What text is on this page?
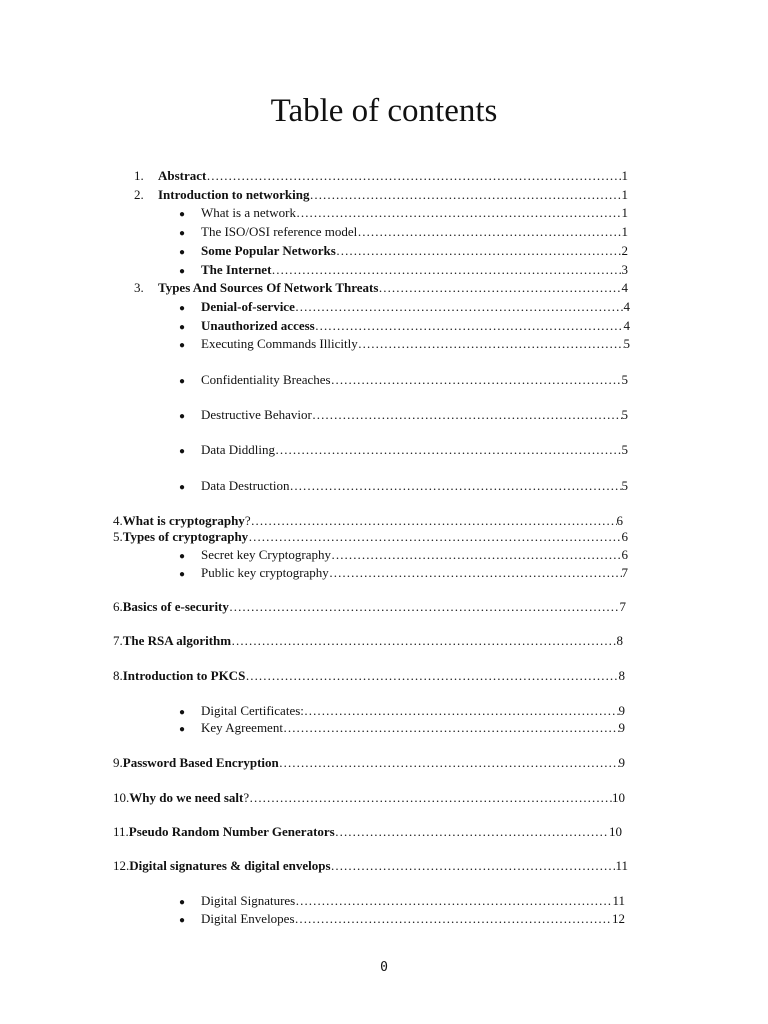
Table of contents
1.	Abstract ……………………………………………………………………………………………………………………………………………………………………	1
2.	Introduction to networking ……………………………………………………………………………………………………………………………………………………………………	1
●	What is a network ……………………………………………………………………………………………………………………………………………………………………	1
●	The ISO/OSI reference model ……………………………………………………………………………………………………………………………………………………………………	1
●	Some Popular Networks ……………………………………………………………………………………………………………………………………………………………………	2
●	The Internet ……………………………………………………………………………………………………………………………………………………………………	3
3.	Types And Sources Of Network Threats ……………………………………………………………………………………………………………………………………………………………………	4
●	Denial-of-service ……………………………………………………………………………………………………………………………………………………………………	4
●	Unauthorized access ……………………………………………………………………………………………………………………………………………………………………	4
●	Executing Commands Illicitly ……………………………………………………………………………………………………………………………………………………………………	5
●	Confidentiality Breaches ……………………………………………………………………………………………………………………………………………………………………	5
●	Destructive Behavior ……………………………………………………………………………………………………………………………………………………………………	5
●	Data Diddling ……………………………………………………………………………………………………………………………………………………………………	5
●	Data Destruction ……………………………………………………………………………………………………………………………………………………………………	5
4. What is cryptography ? ……………………………………………………………………………………………………………………………………………………………………	6
5. Types of cryptography ……………………………………………………………………………………………………………………………………………………………………	6
●	Secret key Cryptography ……………………………………………………………………………………………………………………………………………………………………	6
●	Public key cryptography ……………………………………………………………………………………………………………………………………………………………………	7
6. Basics of e-security ……………………………………………………………………………………………………………………………………………………………………	7
7. The RSA algorithm ……………………………………………………………………………………………………………………………………………………………………	8
8. Introduction to PKCS ……………………………………………………………………………………………………………………………………………………………………	8
●	Digital Certificates: ……………………………………………………………………………………………………………………………………………………………………	9
●	Key Agreement ……………………………………………………………………………………………………………………………………………………………………	9
9. Password Based Encryption ……………………………………………………………………………………………………………………………………………………………………	9
10. Why do we need salt ? ……………………………………………………………………………………………………………………………………………………………………	10
11. Pseudo Random Number Generators ……………………………………………………………………………………………………………………………………………………………………	10
12. Digital signatures & digital envelops ……………………………………………………………………………………………………………………………………………………………………	11
●	Digital Signatures ……………………………………………………………………………………………………………………………………………………………………	11
●	Digital Envelopes ……………………………………………………………………………………………………………………………………………………………………	12
0
